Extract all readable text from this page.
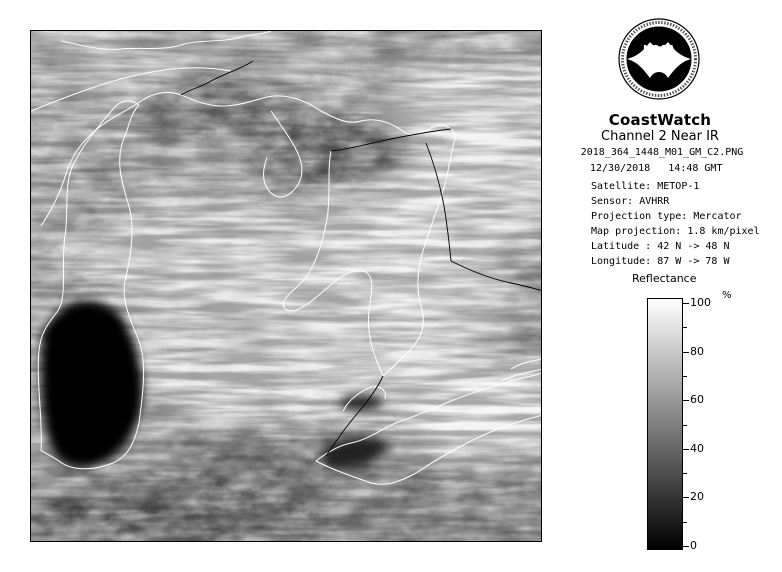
NOAA
CoastWatch
Channel 2 Near IR
2018_364_1448_M01_GM_C2.PNG
12/30/2018 14:48 GMT
Satellite: METOP-1
Sensor: AVHRR
Projection type: Mercator
Map projection: 1.8 km/pixel
Latitude : 42 N -> 48 N
Longitude: 87 W -> 78 W
Reflectance
%
100
80
60
40
20
0
